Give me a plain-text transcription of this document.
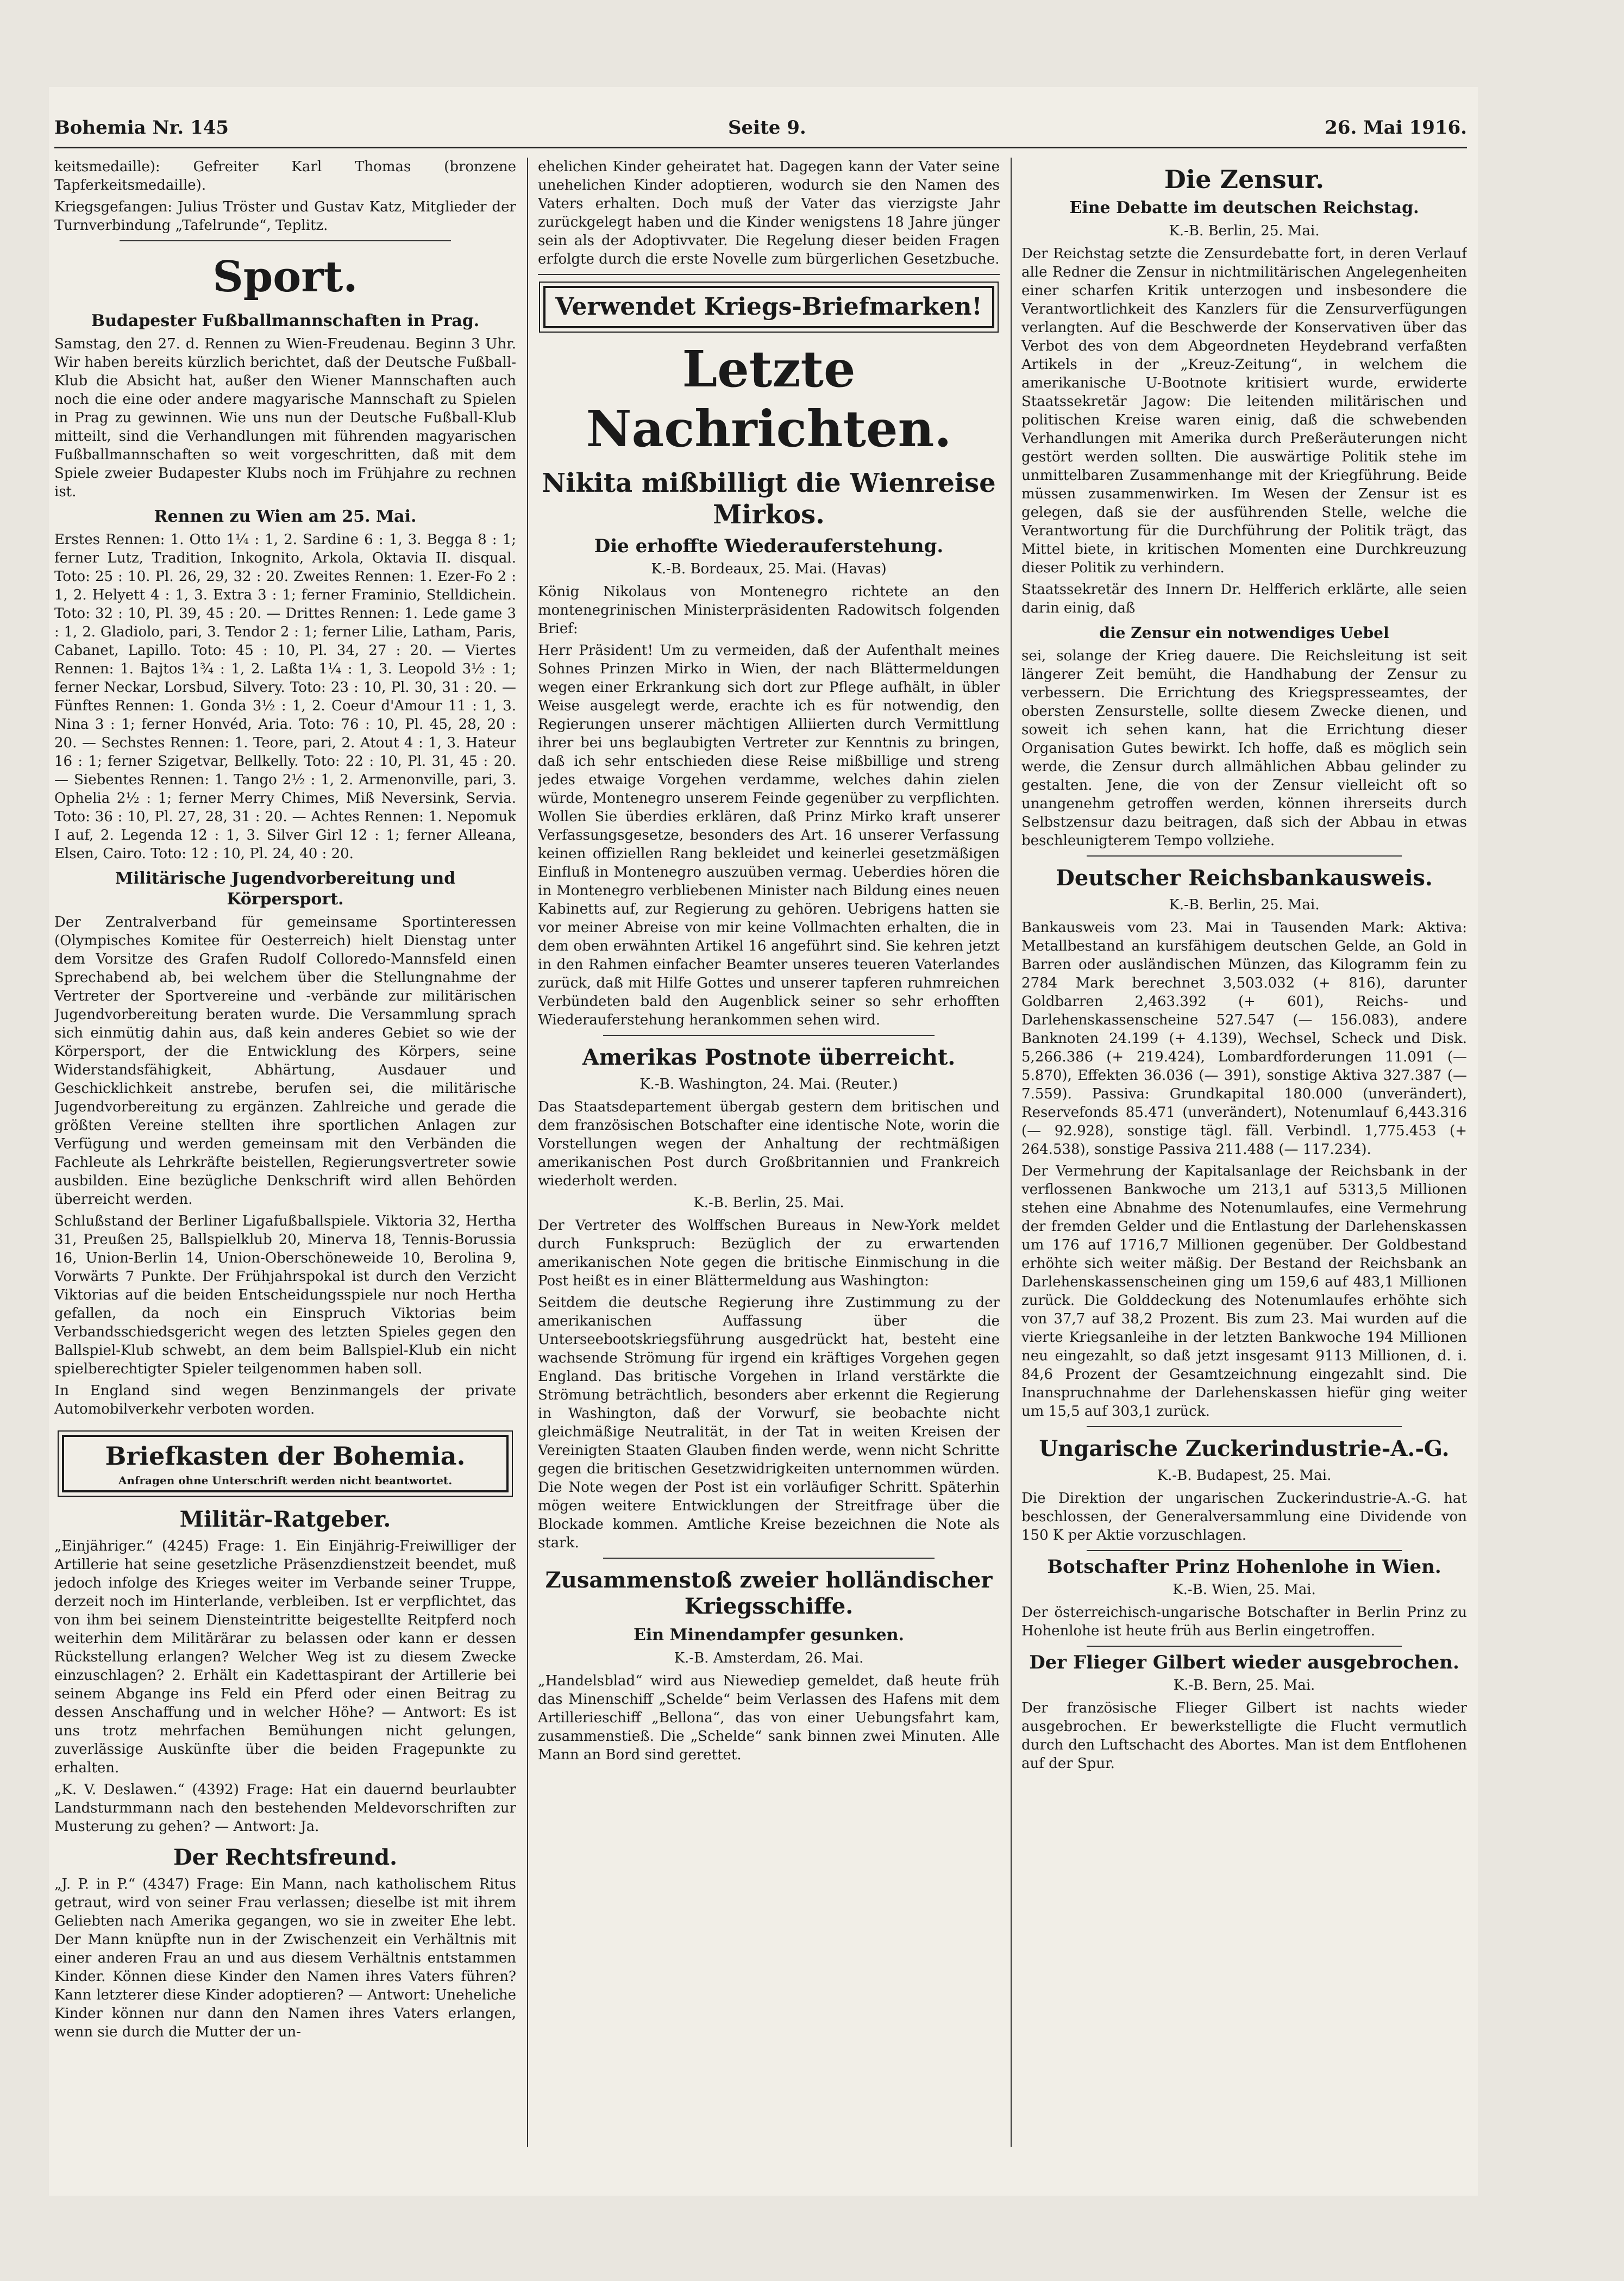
Bohemia Nr. 145	Seite 9.	26. Mai 1916.

keitsmedaille): Gefreiter Karl Thomas (bronzene Tapferkeitsmedaille).

Kriegsgefangen: Julius Tröster und Gustav Katz, Mitglieder der Turnverbindung „Tafelrunde“, Teplitz.

Sport.
Budapester Fußballmannschaften in Prag.

Samstag, den 27. d. Rennen zu Wien-Freudenau. Beginn 3 Uhr. Wir haben bereits kürzlich berichtet, daß der Deutsche Fußball-Klub die Absicht hat, außer den Wiener Mannschaften auch noch die eine oder andere magyarische Mannschaft zu Spielen in Prag zu gewinnen. Wie uns nun der Deutsche Fußball-Klub mitteilt, sind die Verhandlungen mit führenden magyarischen Fußballmannschaften so weit vorgeschritten, daß mit dem Spiele zweier Budapester Klubs noch im Frühjahre zu rechnen ist.

Rennen zu Wien am 25. Mai.

Erstes Rennen: 1. Otto 1¼ : 1, 2. Sardine 6 : 1, 3. Begga 8 : 1; ferner Lutz, Tradition, Inkognito, Arkola, Oktavia II. disqual. Toto: 25 : 10. Pl. 26, 29, 32 : 20. Zweites Rennen: 1. Ezer-Fo 2 : 1, 2. Helyett 4 : 1, 3. Extra 3 : 1; ferner Framinio, Stelldichein. Toto: 32 : 10, Pl. 39, 45 : 20. — Drittes Rennen: 1. Lede game 3 : 1, 2. Gladiolo, pari, 3. Tendor 2 : 1; ferner Lilie, Latham, Paris, Cabanet, Lapillo. Toto: 45 : 10, Pl. 34, 27 : 20. — Viertes Rennen: 1. Bajtos 1¾ : 1, 2. Laßta 1¼ : 1, 3. Leopold 3½ : 1; ferner Neckar, Lorsbud, Silvery. Toto: 23 : 10, Pl. 30, 31 : 20. — Fünftes Rennen: 1. Gonda 3½ : 1, 2. Coeur d'Amour 11 : 1, 3. Nina 3 : 1; ferner Honvéd, Aria. Toto: 76 : 10, Pl. 45, 28, 20 : 20. — Sechstes Rennen: 1. Teore, pari, 2. Atout 4 : 1, 3. Hateur 16 : 1; ferner Szigetvar, Bellkelly. Toto: 22 : 10, Pl. 31, 45 : 20. — Siebentes Rennen: 1. Tango 2½ : 1, 2. Armenonville, pari, 3. Ophelia 2½ : 1; ferner Merry Chimes, Miß Neversink, Servia. Toto: 36 : 10, Pl. 27, 28, 31 : 20. — Achtes Rennen: 1. Nepomuk I auf, 2. Legenda 12 : 1, 3. Silver Girl 12 : 1; ferner Alleana, Elsen, Cairo. Toto: 12 : 10, Pl. 24, 40 : 20.

Militärische Jugendvorbereitung und Körpersport.

Der Zentralverband für gemeinsame Sportinteressen (Olympisches Komitee für Oesterreich) hielt Dienstag unter dem Vorsitze des Grafen Rudolf Colloredo-Mannsfeld einen Sprechabend ab, bei welchem über die Stellungnahme der Vertreter der Sportvereine und -verbände zur militärischen Jugendvorbereitung beraten wurde. Die Versammlung sprach sich einmütig dahin aus, daß kein anderes Gebiet so wie der Körpersport, der die Entwicklung des Körpers, seine Widerstandsfähigkeit, Abhärtung, Ausdauer und Geschicklichkeit anstrebe, berufen sei, die militärische Jugendvorbereitung zu ergänzen. Zahlreiche und gerade die größten Vereine stellten ihre sportlichen Anlagen zur Verfügung und werden gemeinsam mit den Verbänden die Fachleute als Lehrkräfte beistellen, Regierungsvertreter sowie ausbilden. Eine bezügliche Denkschrift wird allen Behörden überreicht werden.

Schlußstand der Berliner Ligafußballspiele. Viktoria 32, Hertha 31, Preußen 25, Ballspielklub 20, Minerva 18, Tennis-Borussia 16, Union-Berlin 14, Union-Oberschöneweide 10, Berolina 9, Vorwärts 7 Punkte. Der Frühjahrspokal ist durch den Verzicht Viktorias auf die beiden Entscheidungsspiele nur noch Hertha gefallen, da noch ein Einspruch Viktorias beim Verbandsschiedsgericht wegen des letzten Spieles gegen den Ballspiel-Klub schwebt, an dem beim Ballspiel-Klub ein nicht spielberechtigter Spieler teilgenommen haben soll.

In England sind wegen Benzinmangels der private Automobilverkehr verboten worden.

Briefkasten der Bohemia.
Anfragen ohne Unterschrift werden nicht beantwortet.
Militär-Ratgeber.

„Einjähriger.“ (4245) Frage: 1. Ein Einjährig-Freiwilliger der Artillerie hat seine gesetzliche Präsenzdienstzeit beendet, muß jedoch infolge des Krieges weiter im Verbande seiner Truppe, derzeit noch im Hinterlande, verbleiben. Ist er verpflichtet, das von ihm bei seinem Diensteintritte beigestellte Reitpferd noch weiterhin dem Militärärar zu belassen oder kann er dessen Rückstellung erlangen? Welcher Weg ist zu diesem Zwecke einzuschlagen? 2. Erhält ein Kadettaspirant der Artillerie bei seinem Abgange ins Feld ein Pferd oder einen Beitrag zu dessen Anschaffung und in welcher Höhe? — Antwort: Es ist uns trotz mehrfachen Bemühungen nicht gelungen, zuverlässige Auskünfte über die beiden Fragepunkte zu erhalten.

„K. V. Deslawen.“ (4392) Frage: Hat ein dauernd beurlaubter Landsturmmann nach den bestehenden Meldevorschriften zur Musterung zu gehen? — Antwort: Ja.

Der Rechtsfreund.

„J. P. in P.“ (4347) Frage: Ein Mann, nach katholischem Ritus getraut, wird von seiner Frau verlassen; dieselbe ist mit ihrem Geliebten nach Amerika gegangen, wo sie in zweiter Ehe lebt. Der Mann knüpfte nun in der Zwischenzeit ein Verhältnis mit einer anderen Frau an und aus diesem Verhältnis entstammen Kinder. Können diese Kinder den Namen ihres Vaters führen? Kann letzterer diese Kinder adoptieren? — Antwort: Uneheliche Kinder können nur dann den Namen ihres Vaters erlangen, wenn sie durch die Mutter der un-

ehelichen Kinder geheiratet hat. Dagegen kann der Vater seine unehelichen Kinder adoptieren, wodurch sie den Namen des Vaters erhalten. Doch muß der Vater das vierzigste Jahr zurückgelegt haben und die Kinder wenigstens 18 Jahre jünger sein als der Adoptivvater. Die Regelung dieser beiden Fragen erfolgte durch die erste Novelle zum bürgerlichen Gesetzbuche.

Verwendet Kriegs-Briefmarken!
Letzte Nachrichten.
Nikita mißbilligt die Wienreise Mirkos.
Die erhoffte Wiederauferstehung.
K.-B. Bordeaux, 25. Mai. (Havas)

König Nikolaus von Montenegro richtete an den montenegrinischen Ministerpräsidenten Radowitsch folgenden Brief:

Herr Präsident! Um zu vermeiden, daß der Aufenthalt meines Sohnes Prinzen Mirko in Wien, der nach Blättermeldungen wegen einer Erkrankung sich dort zur Pflege aufhält, in übler Weise ausgelegt werde, erachte ich es für notwendig, den Regierungen unserer mächtigen Alliierten durch Vermittlung ihrer bei uns beglaubigten Vertreter zur Kenntnis zu bringen, daß ich sehr entschieden diese Reise mißbillige und streng jedes etwaige Vorgehen verdamme, welches dahin zielen würde, Montenegro unserem Feinde gegenüber zu verpflichten. Wollen Sie überdies erklären, daß Prinz Mirko kraft unserer Verfassungsgesetze, besonders des Art. 16 unserer Verfassung keinen offiziellen Rang bekleidet und keinerlei gesetzmäßigen Einfluß in Montenegro auszuüben vermag. Ueberdies hören die in Montenegro verbliebenen Minister nach Bildung eines neuen Kabinetts auf, zur Regierung zu gehören. Uebrigens hatten sie vor meiner Abreise von mir keine Vollmachten erhalten, die in dem oben erwähnten Artikel 16 angeführt sind. Sie kehren jetzt in den Rahmen einfacher Beamter unseres teueren Vaterlandes zurück, daß mit Hilfe Gottes und unserer tapferen ruhmreichen Verbündeten bald den Augenblick seiner so sehr erhofften Wiederauferstehung herankommen sehen wird.

Amerikas Postnote überreicht.
K.-B. Washington, 24. Mai. (Reuter.)

Das Staatsdepartement übergab gestern dem britischen und dem französischen Botschafter eine identische Note, worin die Vorstellungen wegen der Anhaltung der rechtmäßigen amerikanischen Post durch Großbritannien und Frankreich wiederholt werden.

K.-B. Berlin, 25. Mai.

Der Vertreter des Wolffschen Bureaus in New-York meldet durch Funkspruch: Bezüglich der zu erwartenden amerikanischen Note gegen die britische Einmischung in die Post heißt es in einer Blättermeldung aus Washington:

Seitdem die deutsche Regierung ihre Zustimmung zu der amerikanischen Auffassung über die Unterseebootskriegsführung ausgedrückt hat, besteht eine wachsende Strömung für irgend ein kräftiges Vorgehen gegen England. Das britische Vorgehen in Irland verstärkte die Strömung beträchtlich, besonders aber erkennt die Regierung in Washington, daß der Vorwurf, sie beobachte nicht gleichmäßige Neutralität, in der Tat in weiten Kreisen der Vereinigten Staaten Glauben finden werde, wenn nicht Schritte gegen die britischen Gesetzwidrigkeiten unternommen würden. Die Note wegen der Post ist ein vorläufiger Schritt. Späterhin mögen weitere Entwicklungen der Streitfrage über die Blockade kommen. Amtliche Kreise bezeichnen die Note als stark.

Zusammenstoß zweier holländischer Kriegsschiffe.
Ein Minendampfer gesunken.
K.-B. Amsterdam, 26. Mai.

„Handelsblad“ wird aus Niewediep gemeldet, daß heute früh das Minenschiff „Schelde“ beim Verlassen des Hafens mit dem Artillerieschiff „Bellona“, das von einer Uebungsfahrt kam, zusammenstieß. Die „Schelde“ sank binnen zwei Minuten. Alle Mann an Bord sind gerettet.

Die Zensur.
Eine Debatte im deutschen Reichstag.
K.-B. Berlin, 25. Mai.

Der Reichstag setzte die Zensurdebatte fort, in deren Verlauf alle Redner die Zensur in nichtmilitärischen Angelegenheiten einer scharfen Kritik unterzogen und insbesondere die Verantwortlichkeit des Kanzlers für die Zensurverfügungen verlangten. Auf die Beschwerde der Konservativen über das Verbot des von dem Abgeordneten Heydebrand verfaßten Artikels in der „Kreuz-Zeitung“, in welchem die amerikanische U-Bootnote kritisiert wurde, erwiderte Staatssekretär Jagow: Die leitenden militärischen und politischen Kreise waren einig, daß die schwebenden Verhandlungen mit Amerika durch Preßeräuterungen nicht gestört werden sollten. Die auswärtige Politik stehe im unmittelbaren Zusammenhange mit der Kriegführung. Beide müssen zusammenwirken. Im Wesen der Zensur ist es gelegen, daß sie der ausführenden Stelle, welche die Verantwortung für die Durchführung der Politik trägt, das Mittel biete, in kritischen Momenten eine Durchkreuzung dieser Politik zu verhindern.

Staatssekretär des Innern Dr. Helfferich erklärte, alle seien darin einig, daß

die Zensur ein notwendiges Uebel

sei, solange der Krieg dauere. Die Reichsleitung ist seit längerer Zeit bemüht, die Handhabung der Zensur zu verbessern. Die Errichtung des Kriegspresseamtes, der obersten Zensurstelle, sollte diesem Zwecke dienen, und soweit ich sehen kann, hat die Errichtung dieser Organisation Gutes bewirkt. Ich hoffe, daß es möglich sein werde, die Zensur durch allmählichen Abbau gelinder zu gestalten. Jene, die von der Zensur vielleicht oft so unangenehm getroffen werden, können ihrerseits durch Selbstzensur dazu beitragen, daß sich der Abbau in etwas beschleunigterem Tempo vollziehe.

Deutscher Reichsbankausweis.
K.-B. Berlin, 25. Mai.

Bankausweis vom 23. Mai in Tausenden Mark: Aktiva: Metallbestand an kursfähigem deutschen Gelde, an Gold in Barren oder ausländischen Münzen, das Kilogramm fein zu 2784 Mark berechnet 3,503.032 (+ 816), darunter Goldbarren 2,463.392 (+ 601), Reichs- und Darlehenskassenscheine 527.547 (— 156.083), andere Banknoten 24.199 (+ 4.139), Wechsel, Scheck und Disk. 5,266.386 (+ 219.424), Lombardforderungen 11.091 (— 5.870), Effekten 36.036 (— 391), sonstige Aktiva 327.387 (— 7.559). Passiva: Grundkapital 180.000 (unverändert), Reservefonds 85.471 (unverändert), Notenumlauf 6,443.316 (— 92.928), sonstige tägl. fäll. Verbindl. 1,775.453 (+ 264.538), sonstige Passiva 211.488 (— 117.234).

Der Vermehrung der Kapitalsanlage der Reichsbank in der verflossenen Bankwoche um 213,1 auf 5313,5 Millionen stehen eine Abnahme des Notenumlaufes, eine Vermehrung der fremden Gelder und die Entlastung der Darlehenskassen um 176 auf 1716,7 Millionen gegenüber. Der Goldbestand erhöhte sich weiter mäßig. Der Bestand der Reichsbank an Darlehenskassenscheinen ging um 159,6 auf 483,1 Millionen zurück. Die Golddeckung des Notenumlaufes erhöhte sich von 37,7 auf 38,2 Prozent. Bis zum 23. Mai wurden auf die vierte Kriegsanleihe in der letzten Bankwoche 194 Millionen neu eingezahlt, so daß jetzt insgesamt 9113 Millionen, d. i. 84,6 Prozent der Gesamtzeichnung eingezahlt sind. Die Inanspruchnahme der Darlehenskassen hiefür ging weiter um 15,5 auf 303,1 zurück.

Ungarische Zuckerindustrie-A.-G.
K.-B. Budapest, 25. Mai.

Die Direktion der ungarischen Zuckerindustrie-A.-G. hat beschlossen, der Generalversammlung eine Dividende von 150 K per Aktie vorzuschlagen.

Botschafter Prinz Hohenlohe in Wien.
K.-B. Wien, 25. Mai.

Der österreichisch-ungarische Botschafter in Berlin Prinz zu Hohenlohe ist heute früh aus Berlin eingetroffen.

Der Flieger Gilbert wieder ausgebrochen.
K.-B. Bern, 25. Mai.

Der französische Flieger Gilbert ist nachts wieder ausgebrochen. Er bewerkstelligte die Flucht vermutlich durch den Luftschacht des Abortes. Man ist dem Entflohenen auf der Spur.
